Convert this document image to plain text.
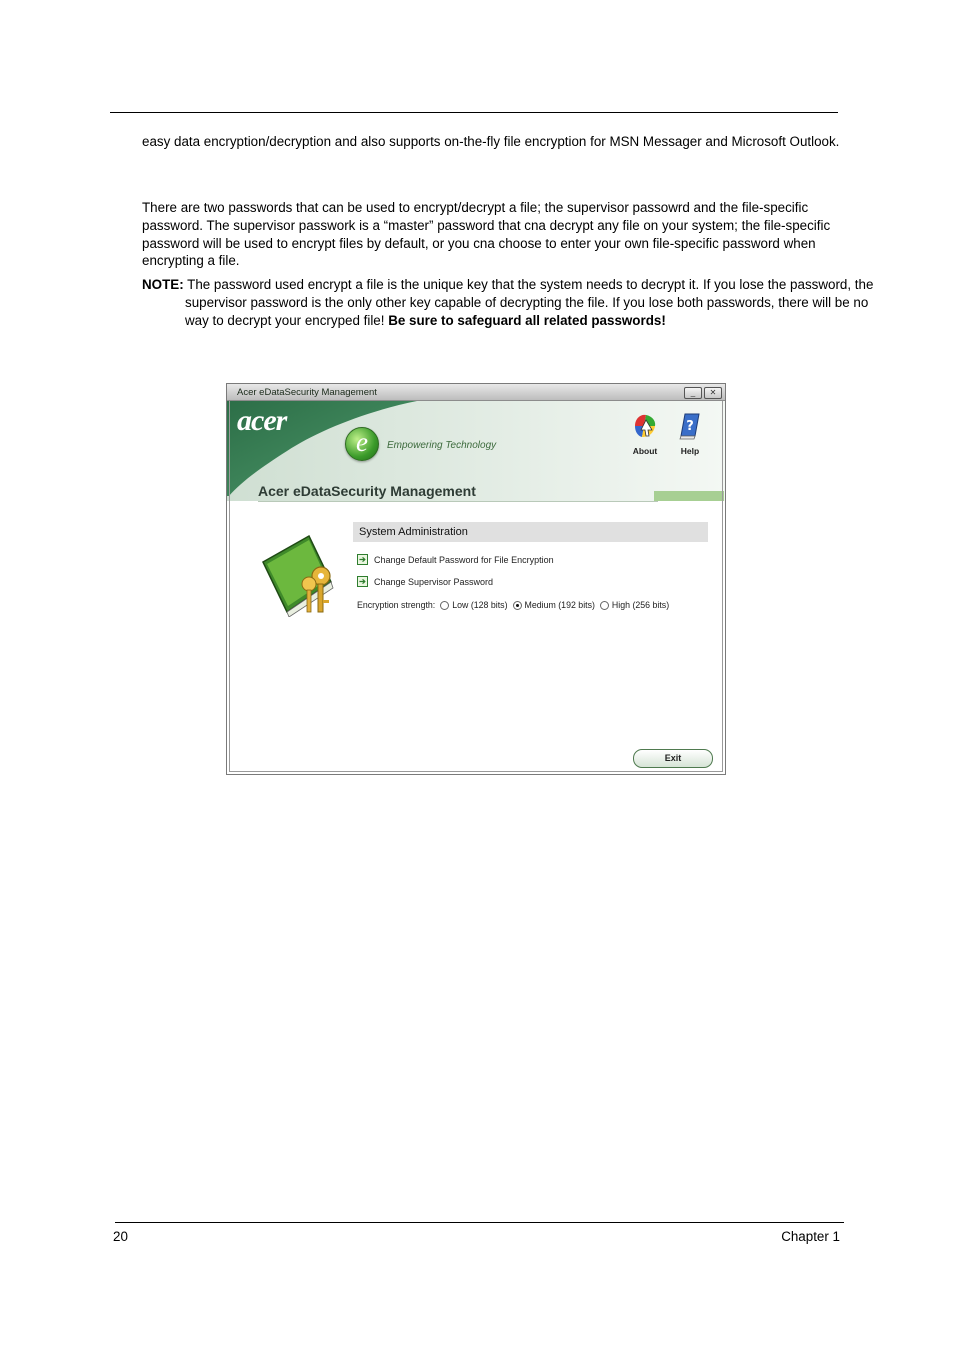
easy data encryption/decryption and also supports on-the-fly file encryption for MSN Messager and Microsoft Outlook.
There are two passwords that can be used to encrypt/decrypt a file; the supervisor passowrd and the file-specific password. The supervisor passwork is a “master” password that cna decrypt any file on your system; the file-specific password will be used to encrypt files by default, or you cna choose to enter your own file-specific password when encrypting a file.
NOTE: The password used encrypt a file is the unique key that the system needs to decrypt it. If you lose the password, the supervisor password is the only other key capable of decrypting the file. If you lose both passwords, there will be no way to decrypt your encryped file! Be sure to safeguard all related passwords!
Acer eDataSecurity Management	_	✕
acer
e	Empowering Technology	About
?
Help
Acer eDataSecurity Management
System Administration
➔ Change Default Password for File Encryption
➔ Change Supervisor Password
Encryption strength: Low (128 bits) Medium (192 bits) High (256 bits)
Exit
20	Chapter 1
